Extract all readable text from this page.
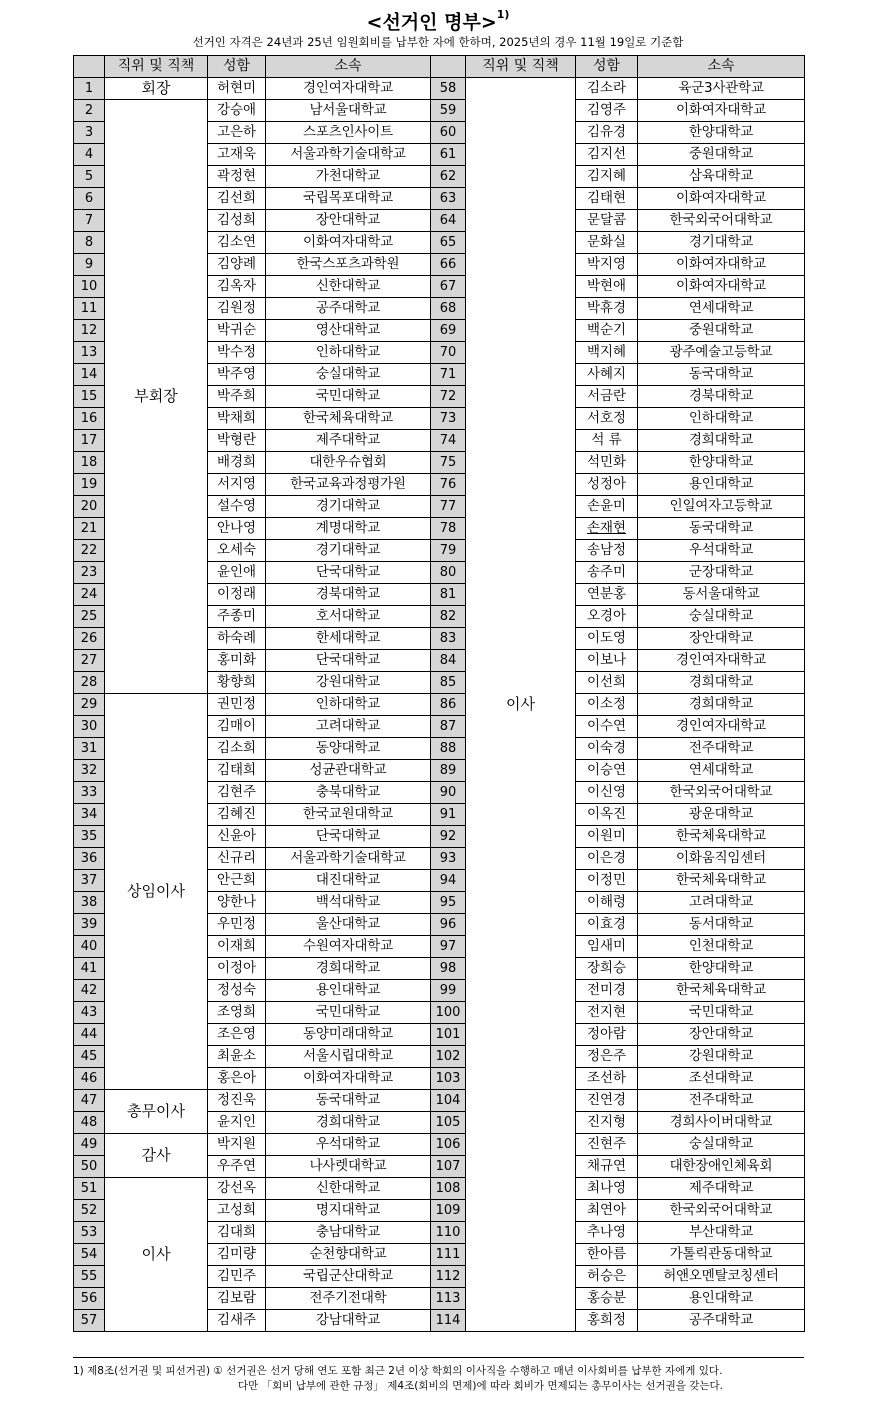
<선거인 명부>$^{1)}$
선거인 자격은 24년과 25년 임원회비를 납부한 자에 한하며, 2025년의 경우 11월 19일로 기준함
	직위 및 직책	성함	소속		직위 및 직책	성함	소속
1	회장	허현미	경인여자대학교	58	이사	김소라	육군3사관학교
2	부회장	강승애	남서울대학교	59		김영주	이화여자대학교
3		고은하	스포츠인사이트	60		김유경	한양대학교
4		고재욱	서울과학기술대학교	61		김지선	중원대학교
5		곽정현	가천대학교	62		김지혜	삼육대학교
6		김선희	국립목포대학교	63		김태현	이화여자대학교
7		김성희	장안대학교	64		문달콤	한국외국어대학교
8		김소연	이화여자대학교	65		문화실	경기대학교
9		김양례	한국스포츠과학원	66		박지영	이화여자대학교
10		김옥자	신한대학교	67		박현애	이화여자대학교
11		김원정	공주대학교	68		박휴경	연세대학교
12		박귀순	영산대학교	69		백순기	중원대학교
13		박수정	인하대학교	70		백지혜	광주예술고등학교
14		박주영	숭실대학교	71		사혜지	동국대학교
15		박주희	국민대학교	72		서금란	경북대학교
16		박채희	한국체육대학교	73		서호정	인하대학교
17		박형란	제주대학교	74		석 류	경희대학교
18		배경희	대한우슈협회	75		석민화	한양대학교
19		서지영	한국교육과정평가원	76		성정아	용인대학교
20		설수영	경기대학교	77		손윤미	인일여자고등학교
21		안나영	계명대학교	78		손재현	동국대학교
22		오세숙	경기대학교	79		송남정	우석대학교
23		윤인애	단국대학교	80		송주미	군장대학교
24		이정래	경북대학교	81		연분홍	동서울대학교
25		주종미	호서대학교	82		오경아	숭실대학교
26		하숙례	한세대학교	83		이도영	장안대학교
27		홍미화	단국대학교	84		이보나	경인여자대학교
28		황향희	강원대학교	85		이선희	경희대학교
29	상임이사	권민정	인하대학교	86		이소정	경희대학교
30		김매이	고려대학교	87		이수연	경인여자대학교
31		김소희	동양대학교	88		이숙경	전주대학교
32		김태희	성균관대학교	89		이승연	연세대학교
33		김현주	충북대학교	90		이신영	한국외국어대학교
34		김혜진	한국교원대학교	91		이옥진	광운대학교
35		신윤아	단국대학교	92		이원미	한국체육대학교
36		신규리	서울과학기술대학교	93		이은경	이화움직임센터
37		안근희	대진대학교	94		이정민	한국체육대학교
38		양한나	백석대학교	95		이해령	고려대학교
39		우민정	울산대학교	96		이효경	동서대학교
40		이재희	수원여자대학교	97		임새미	인천대학교
41		이정아	경희대학교	98		장희승	한양대학교
42		정성숙	용인대학교	99		전미경	한국체육대학교
43		조영희	국민대학교	100		전지현	국민대학교
44		조은영	동양미래대학교	101		정아람	장안대학교
45		최윤소	서울시립대학교	102		정은주	강원대학교
46		홍은아	이화여자대학교	103		조선하	조선대학교
47	총무이사	정진욱	동국대학교	104		진연경	전주대학교
48		윤지인	경희대학교	105		진지형	경희사이버대학교
49	감사	박지원	우석대학교	106		진현주	숭실대학교
50		우주연	나사렛대학교	107		채규연	대한장애인체육회
51	이사	강선옥	신한대학교	108		최나영	제주대학교
52		고성희	명지대학교	109		최연아	한국외국어대학교
53		김대희	충남대학교	110		추나영	부산대학교
54		김미량	순천향대학교	111		한아름	가톨릭관동대학교
55		김민주	국립군산대학교	112		허승은	허앤오멘탈코칭센터
56		김보람	전주기전대학	113		홍승분	용인대학교
57		김새주	강남대학교	114		홍희정	공주대학교
1) 제8조(선거권 및 피선거권) ① 선거권은 선거 당해 연도 포함 최근 2년 이상 학회의 이사직을 수행하고 매년 이사회비를 납부한 자에게 있다.
다만 「회비 납부에 관한 규정」 제4조(회비의 면제)에 따라 회비가 면제되는 총무이사는 선거권을 갖는다.
